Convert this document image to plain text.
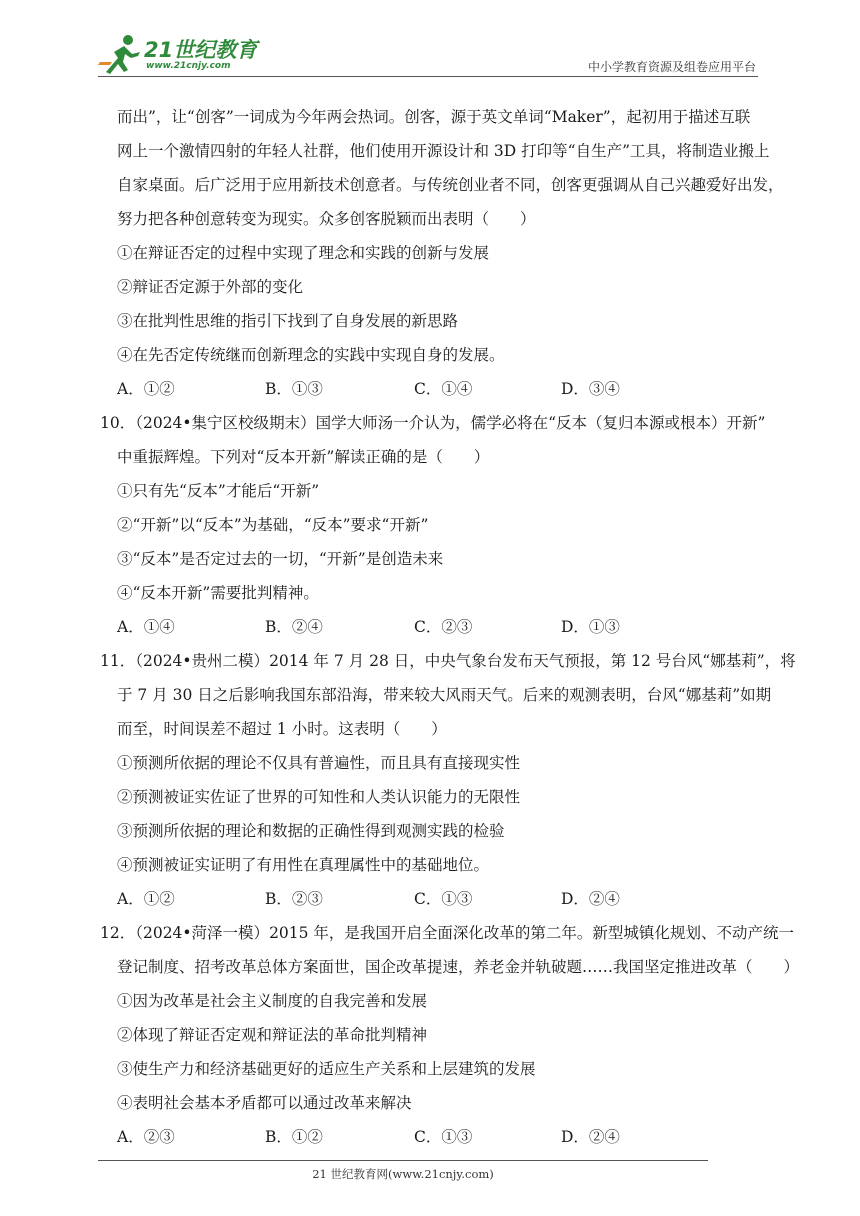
21世纪教育
www.21cnjy.com	中小学教育资源及组卷应用平台
而出”，让“创客”一词成为今年两会热词。创客，源于英文单词“Maker”，起初用于描述互联
网上一个激情四射的年轻人社群，他们使用开源设计和 3D 打印等“自生产”工具，将制造业搬上
自家桌面。后广泛用于应用新技术创意者。与传统创业者不同，创客更强调从自己兴趣爱好出发，
努力把各种创意转变为现实。众多创客脱颖而出表明（　　）
①在辩证否定的过程中实现了理念和实践的创新与发展
②辩证否定源于外部的变化
③在批判性思维的指引下找到了自身发展的新思路
④在先否定传统继而创新理念的实践中实现自身的发展。
A．①②	B．①③	C．①④	D．③④
10．（2024•集宁区校级期末）国学大师汤一介认为，儒学必将在“反本（复归本源或根本）开新”
中重振辉煌。下列对“反本开新”解读正确的是（　　）
①只有先“反本”才能后“开新”
②“开新”以“反本”为基础，“反本”要求“开新”
③“反本”是否定过去的一切，“开新”是创造未来
④“反本开新”需要批判精神。
A．①④	B．②④	C．②③	D．①③
11．（2024•贵州二模）2014 年 7 月 28 日，中央气象台发布天气预报，第 12 号台风“娜基莉”，将
于 7 月 30 日之后影响我国东部沿海，带来较大风雨天气。后来的观测表明，台风“娜基莉”如期
而至，时间误差不超过 1 小时。这表明（　　）
①预测所依据的理论不仅具有普遍性，而且具有直接现实性
②预测被证实佐证了世界的可知性和人类认识能力的无限性
③预测所依据的理论和数据的正确性得到观测实践的检验
④预测被证实证明了有用性在真理属性中的基础地位。
A．①②	B．②③	C．①③	D．②④
12．（2024•菏泽一模）2015 年，是我国开启全面深化改革的第二年。新型城镇化规划、不动产统一
登记制度、招考改革总体方案面世，国企改革提速，养老金并轨破题……我国坚定推进改革（　　）
①因为改革是社会主义制度的自我完善和发展
②体现了辩证否定观和辩证法的革命批判精神
③使生产力和经济基础更好的适应生产关系和上层建筑的发展
④表明社会基本矛盾都可以通过改革来解决
A．②③	B．①②	C．①③	D．②④
21 世纪教育网(www.21cnjy.com)
